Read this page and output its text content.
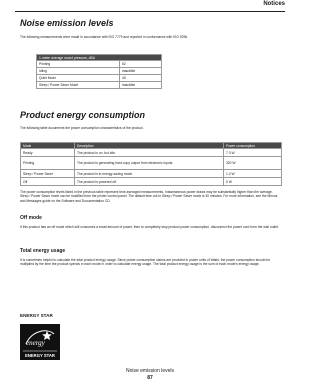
Notices
Noise emission levels
The following measurements were made in accordance with ISO 7779 and reported in conformance with ISO 9296.
1-meter average sound pressure, dBA	
Printing	52
Idling	inaudible
Quiet Mode	45
Sleep / Power Saver Mode	inaudible
Product energy consumption
The following table documents the power consumption characteristics of the product.
Mode	Description	Power consumption
Ready	The product is on, but idle.	7.3 W
Printing	The product is generating hard-copy output from electronic inputs.	320 W
Sleep / Power Saver	The product is in energy-saving mode.	1.0 W
Off	The product is powered off.	0 W
The power consumption levels listed in the previous table represent time-averaged measurements. Instantaneous power draws may be substantially higher than the average. Sleep / Power Saver mode can be modified from the printer control panel. The default time out to Sleep / Power Saver mode is 30 minutes. For more information, see the Menus and Messages guide on the Software and Documentation CD.
Off mode
If this product has an off mode which still consumes a small amount of power, then to completely stop product power consumption, disconnect the power cord from the wall outlet.
Total energy usage
It is sometimes helpful to calculate the total product energy usage. Since power consumption claims are provided in power units of Watts, the power consumption should be multiplied by the time the product spends in each mode in order to calculate energy usage. The total product energy usage is the sum of each mode's energy usage.
ENERGY STAR
energy
ENERGY STAR
Noise emission levels
87
